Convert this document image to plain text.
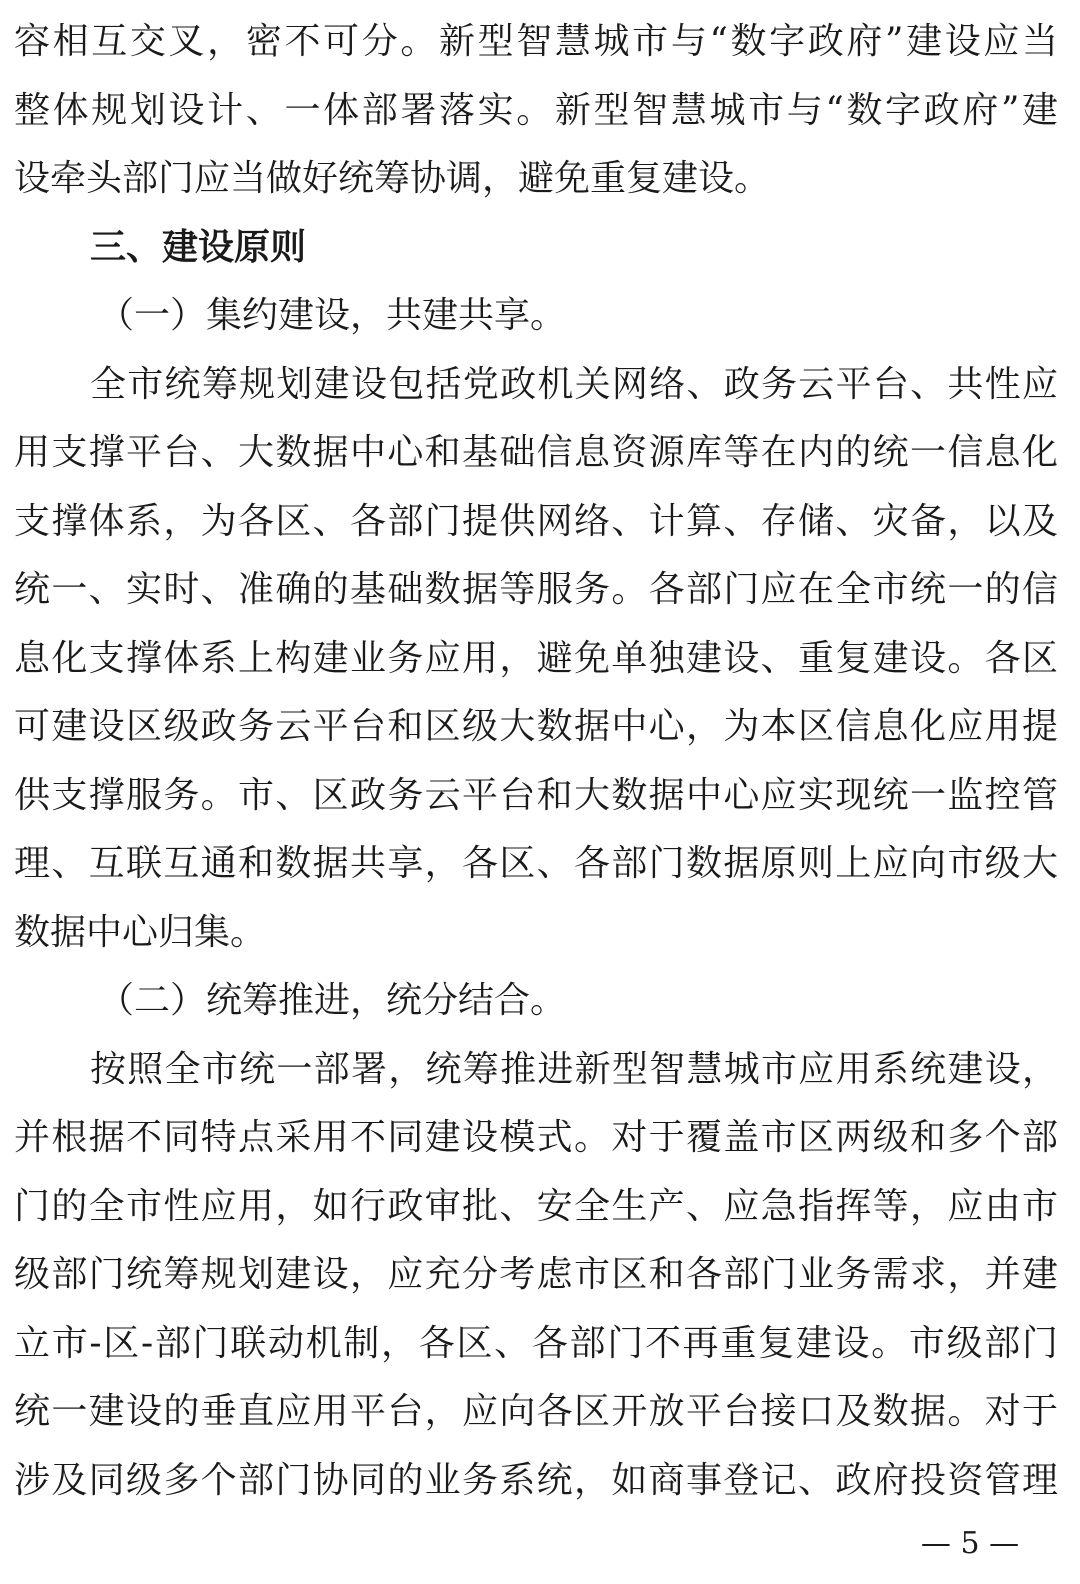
容相互交叉，密不可分。新型智慧城市与“数字政府”建设应当
整体规划设计、一体部署落实。新型智慧城市与“数字政府”建
设牵头部门应当做好统筹协调，避免重复建设。
三、建设原则
（一）集约建设，共建共享。
全市统筹规划建设包括党政机关网络、政务云平台、共性应
用支撑平台、大数据中心和基础信息资源库等在内的统一信息化
支撑体系，为各区、各部门提供网络、计算、存储、灾备，以及
统一、实时、准确的基础数据等服务。各部门应在全市统一的信
息化支撑体系上构建业务应用，避免单独建设、重复建设。各区
可建设区级政务云平台和区级大数据中心，为本区信息化应用提
供支撑服务。市、区政务云平台和大数据中心应实现统一监控管
理、互联互通和数据共享，各区、各部门数据原则上应向市级大
数据中心归集。
（二）统筹推进，统分结合。
按照全市统一部署，统筹推进新型智慧城市应用系统建设，
并根据不同特点采用不同建设模式。对于覆盖市区两级和多个部
门的全市性应用，如行政审批、安全生产、应急指挥等，应由市
级部门统筹规划建设，应充分考虑市区和各部门业务需求，并建
立市-区-部门联动机制，各区、各部门不再重复建设。市级部门
统一建设的垂直应用平台，应向各区开放平台接口及数据。对于
涉及同级多个部门协同的业务系统，如商事登记、政府投资管理
— 5 —
